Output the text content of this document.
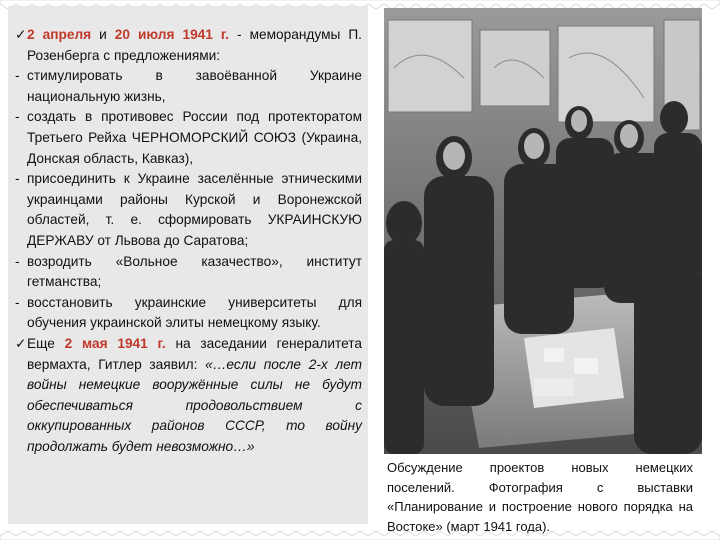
✓2 апреля и 20 июля 1941 г. - меморандумы П. Розенберга с предложениями:
- стимулировать в завоёванной Украине национальную жизнь,
- создать в противовес России под протекторатом Третьего Рейха ЧЕРНОМОРСКИЙ СОЮЗ (Украина, Донская область, Кавказ),
- присоединить к Украине заселённые этническими украинцами районы Курской и Воронежской областей, т. е. сформировать УКРАИНСКУЮ ДЕРЖАВУ от Львова до Саратова;
- возродить «Вольное казачество», институт гетманства;
- восстановить украинские университеты для обучения украинской элиты немецкому языку.
✓Еще 2 мая 1941 г. на заседании генералитета вермахта, Гитлер заявил: «…если после 2-х лет войны немецкие вооружённые силы не будут обеспечиваться продовольствием с оккупированных районов СССР, то войну продолжать будет невозможно…»
Обсуждение проектов новых немецких поселений. Фотография с выставки «Планирование и построение нового порядка на Востоке» (март 1941 года).
